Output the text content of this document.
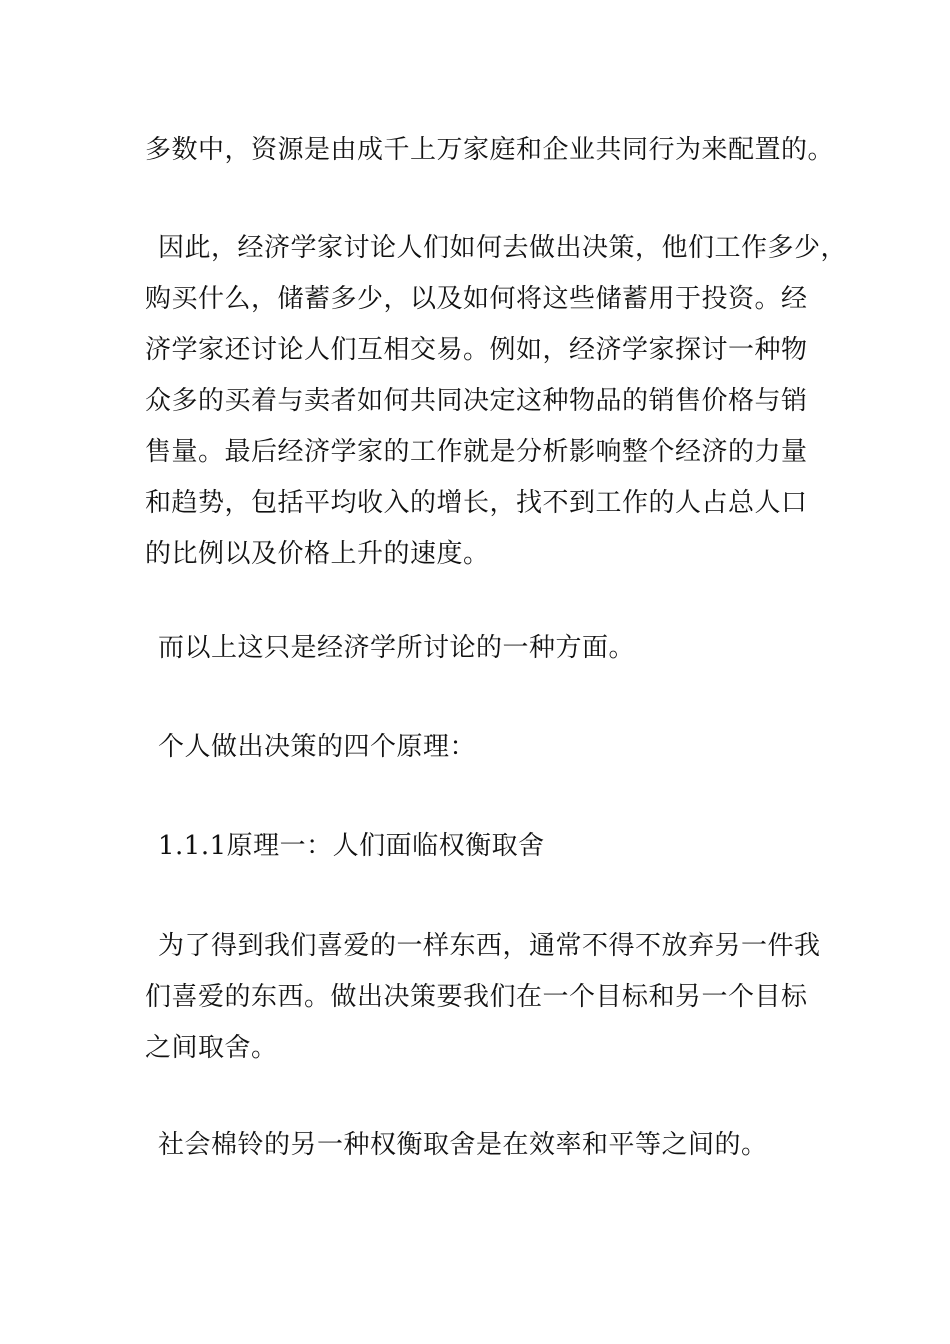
多数中，资源是由成千上万家庭和企业共同行为来配置的。

因此，经济学家讨论人们如何去做出决策，他们工作多少，
购买什么，储蓄多少，以及如何将这些储蓄用于投资。经
济学家还讨论人们互相交易。例如，经济学家探讨一种物
众多的买着与卖者如何共同决定这种物品的销售价格与销
售量。最后经济学家的工作就是分析影响整个经济的力量
和趋势，包括平均收入的增长，找不到工作的人占总人口
的比例以及价格上升的速度。

而以上这只是经济学所讨论的一种方面。

个人做出决策的四个原理：

1.1.1原理一：人们面临权衡取舍

为了得到我们喜爱的一样东西，通常不得不放弃另一件我
们喜爱的东西。做出决策要我们在一个目标和另一个目标
之间取舍。

社会棉铃的另一种权衡取舍是在效率和平等之间的。
